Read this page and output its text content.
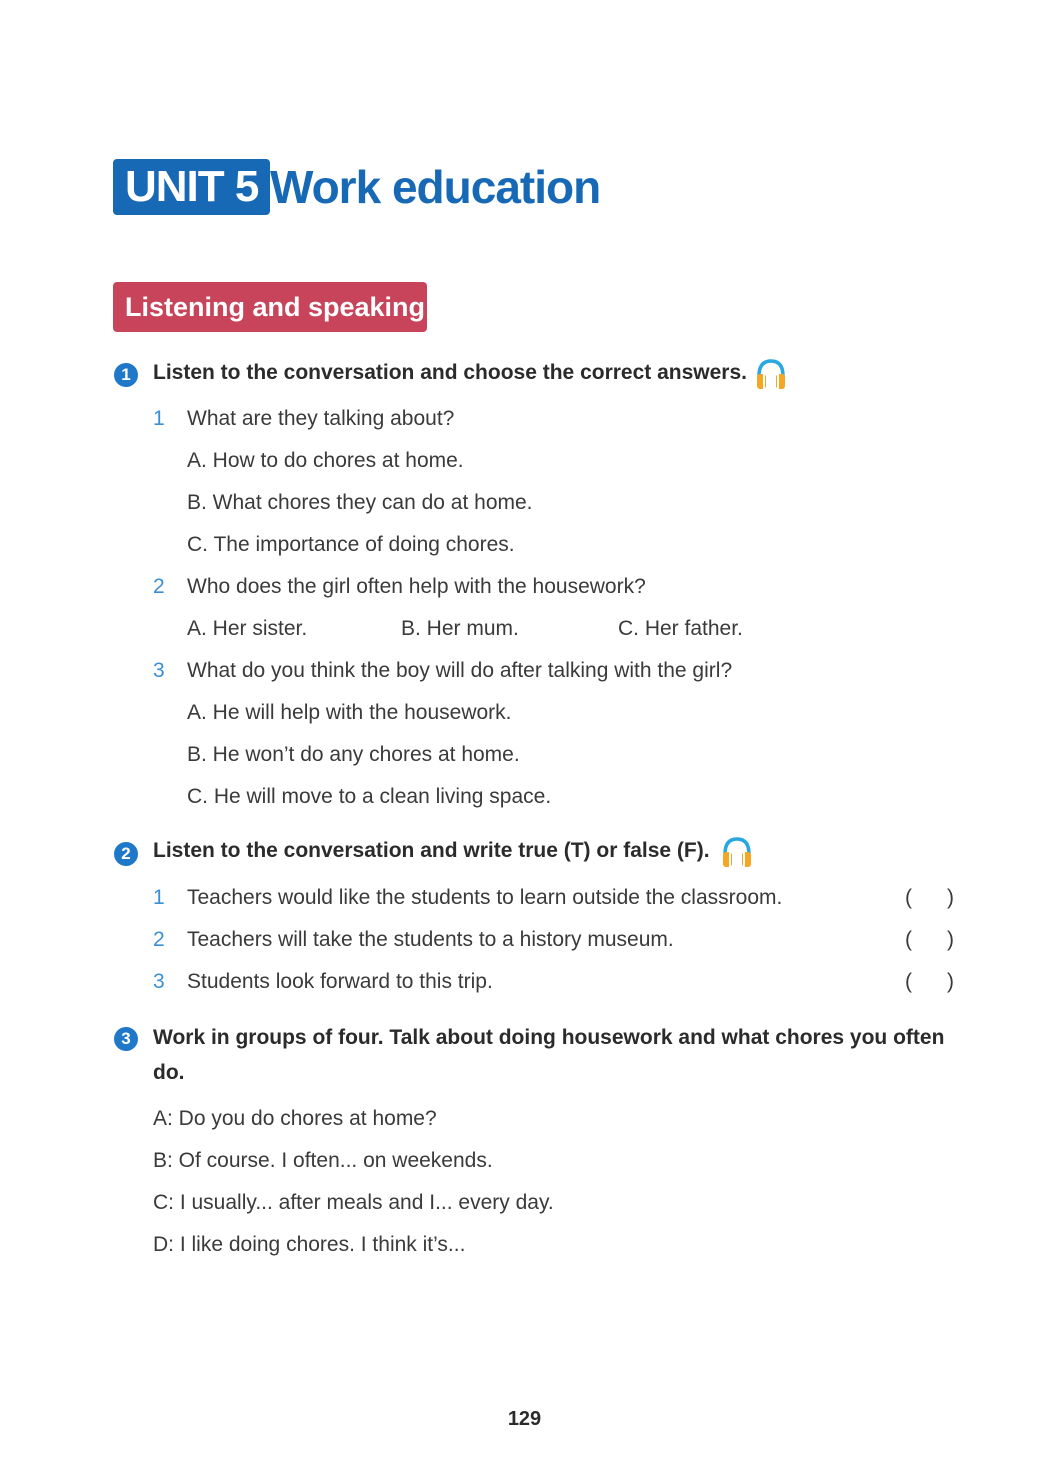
UNIT 5 Work education
Listening and speaking
1	Listen to the conversation and choose the correct answers.
1 What are they talking about?
A. How to do chores at home.
B. What chores they can do at home.
C. The importance of doing chores.
2 Who does the girl often help with the housework?
A. Her sister.	B. Her mum.	C. Her father.
3 What do you think the boy will do after talking with the girl?
A. He will help with the housework.
B. He won’t do any chores at home.
C. He will move to a clean living space.
2	Listen to the conversation and write true (T) or false (F).
1 Teachers would like the students to learn outside the classroom.	(      )
2 Teachers will take the students to a history museum.	(      )
3 Students look forward to this trip.	(      )
3	Work in groups of four. Talk about doing housework and what chores you often do.
A: Do you do chores at home?
B: Of course. I often... on weekends.
C: I usually... after meals and I... every day.
D: I like doing chores. I think it’s...
129
